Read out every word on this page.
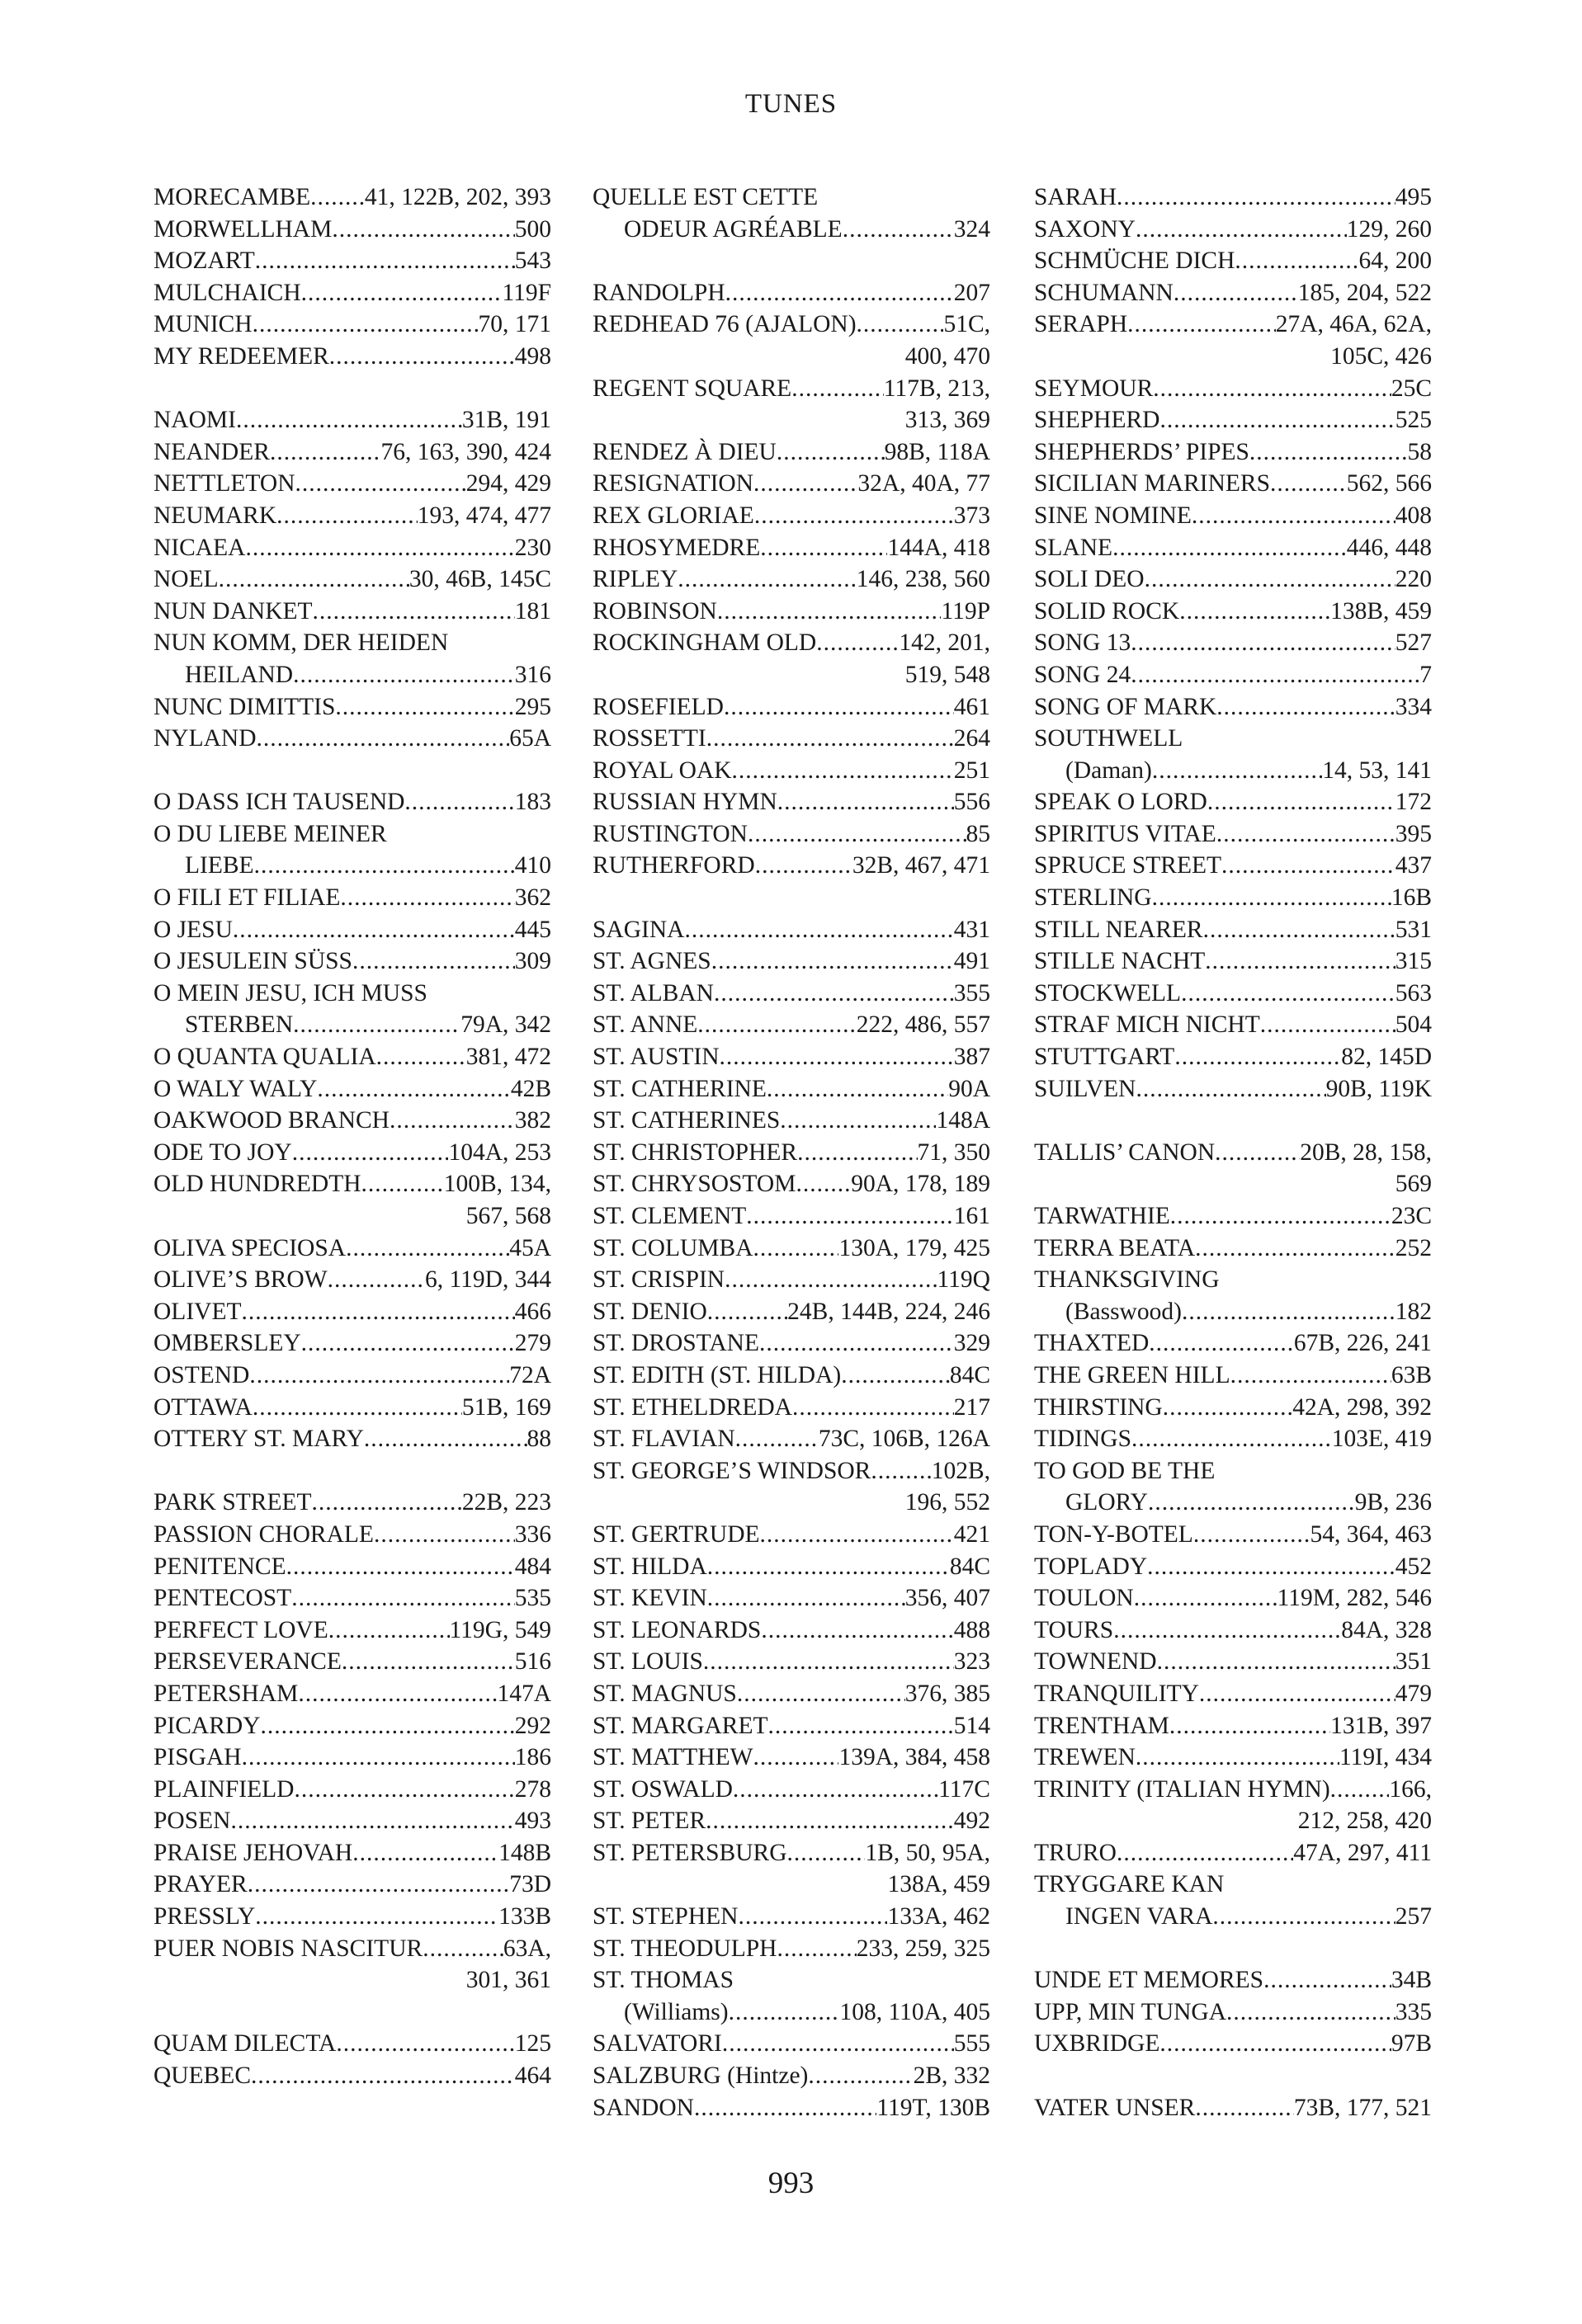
TUNES
MORECAMBE ..... 41, 122B, 202, 393
MORWELLHAM .....	500
MOZART .....	543
MULCHAICH .....	119F
MUNICH .....	70, 171
MY REDEEMER .....	498
NAOMI .....	31B, 191
NEANDER .....	76, 163, 390, 424
NETTLETON .....	294, 429
NEUMARK .....	193, 474, 477
NICAEA .....	230
NOEL .....	30, 46B, 145C
NUN DANKET .....	181
NUN KOMM, DER HEIDEN
HEILAND .....	316
NUNC DIMITTIS .....	295
NYLAND .....	65A
O DASS ICH TAUSEND .....	183
O DU LIEBE MEINER
LIEBE .....	410
O FILI ET FILIAE .....	362
O JESU .....	445
O JESULEIN SÜSS .....	309
O MEIN JESU, ICH MUSS
STERBEN .....	79A, 342
O QUANTA QUALIA .....	381, 472
O WALY WALY .....	42B
OAKWOOD BRANCH .....	382
ODE TO JOY .....	104A, 253
OLD HUNDREDTH .....	100B, 134,
567, 568
OLIVA SPECIOSA .....	45A
OLIVE’S BROW .....	6, 119D, 344
OLIVET .....	466
OMBERSLEY .....	279
OSTEND .....	72A
OTTAWA .....	51B, 169
OTTERY ST. MARY .....	88
PARK STREET .....	22B, 223
PASSION CHORALE .....	336
PENITENCE .....	484
PENTECOST .....	535
PERFECT LOVE .....	119G, 549
PERSEVERANCE .....	516
PETERSHAM .....	147A
PICARDY .....	292
PISGAH .....	186
PLAINFIELD .....	278
POSEN .....	493
PRAISE JEHOVAH .....	148B
PRAYER .....	73D
PRESSLY .....	133B
PUER NOBIS NASCITUR .....	63A,
301, 361
QUAM DILECTA .....	125
QUEBEC .....	464
QUELLE EST CETTE
ODEUR AGRÉABLE .....	324
RANDOLPH .....	207
REDHEAD 76 (AJALON) .....	51C,
400, 470
REGENT SQUARE .....	117B, 213,
313, 369
RENDEZ À DIEU .....	98B, 118A
RESIGNATION .....	32A, 40A, 77
REX GLORIAE .....	373
RHOSYMEDRE .....	144A, 418
RIPLEY .....	146, 238, 560
ROBINSON .....	119P
ROCKINGHAM OLD .....	142, 201,
519, 548
ROSEFIELD .....	461
ROSSETTI .....	264
ROYAL OAK .....	251
RUSSIAN HYMN .....	556
RUSTINGTON .....	85
RUTHERFORD .....	32B, 467, 471
SAGINA .....	431
ST. AGNES .....	491
ST. ALBAN .....	355
ST. ANNE .....	222, 486, 557
ST. AUSTIN .....	387
ST. CATHERINE .....	90A
ST. CATHERINES .....	148A
ST. CHRISTOPHER .....	71, 350
ST. CHRYSOSTOM ..... 90A, 178, 189
ST. CLEMENT .....	161
ST. COLUMBA .....	130A, 179, 425
ST. CRISPIN .....	119Q
ST. DENIO .....	24B, 144B, 224, 246
ST. DROSTANE .....	329
ST. EDITH (ST. HILDA) .....	84C
ST. ETHELDREDA .....	217
ST. FLAVIAN .....	73C, 106B, 126A
ST. GEORGE’S WINDSOR ..... 102B,
196, 552
ST. GERTRUDE .....	421
ST. HILDA .....	84C
ST. KEVIN .....	356, 407
ST. LEONARDS .....	488
ST. LOUIS .....	323
ST. MAGNUS .....	376, 385
ST. MARGARET .....	514
ST. MATTHEW .....	139A, 384, 458
ST. OSWALD .....	117C
ST. PETER .....	492
ST. PETERSBURG .....	1B, 50, 95A,
138A, 459
ST. STEPHEN .....	133A, 462
ST. THEODULPH .....	233, 259, 325
ST. THOMAS
(Williams) .....	108, 110A, 405
SALVATORI .....	555
SALZBURG (Hintze) .....	2B, 332
SANDON .....	119T, 130B
SARAH .....	495
SAXONY .....	129, 260
SCHMÜCHE DICH .....	64, 200
SCHUMANN .....	185, 204, 522
SERAPH .....	27A, 46A, 62A,
105C, 426
SEYMOUR .....	25C
SHEPHERD .....	525
SHEPHERDS’ PIPES .....	58
SICILIAN MARINERS .....	562, 566
SINE NOMINE .....	408
SLANE .....	446, 448
SOLI DEO .....	220
SOLID ROCK .....	138B, 459
SONG 13 .....	527
SONG 24 .....	7
SONG OF MARK .....	334
SOUTHWELL
(Daman) .....	14, 53, 141
SPEAK O LORD .....	172
SPIRITUS VITAE .....	395
SPRUCE STREET .....	437
STERLING .....	16B
STILL NEARER .....	531
STILLE NACHT .....	315
STOCKWELL .....	563
STRAF MICH NICHT .....	504
STUTTGART .....	82, 145D
SUILVEN .....	90B, 119K
TALLIS’ CANON .....	20B, 28, 158,
569
TARWATHIE .....	23C
TERRA BEATA .....	252
THANKSGIVING
(Basswood) .....	182
THAXTED .....	67B, 226, 241
THE GREEN HILL .....	63B
THIRSTING .....	42A, 298, 392
TIDINGS .....	103E, 419
TO GOD BE THE
GLORY .....	9B, 236
TON-Y-BOTEL .....	54, 364, 463
TOPLADY .....	452
TOULON .....	119M, 282, 546
TOURS .....	84A, 328
TOWNEND .....	351
TRANQUILITY .....	479
TRENTHAM .....	131B, 397
TREWEN .....	119I, 434
TRINITY (ITALIAN HYMN) ..... 166,
212, 258, 420
TRURO .....	47A, 297, 411
TRYGGARE KAN
INGEN VARA .....	257
UNDE ET MEMORES .....	34B
UPP, MIN TUNGA .....	335
UXBRIDGE .....	97B
VATER UNSER .....	73B, 177, 521
993
